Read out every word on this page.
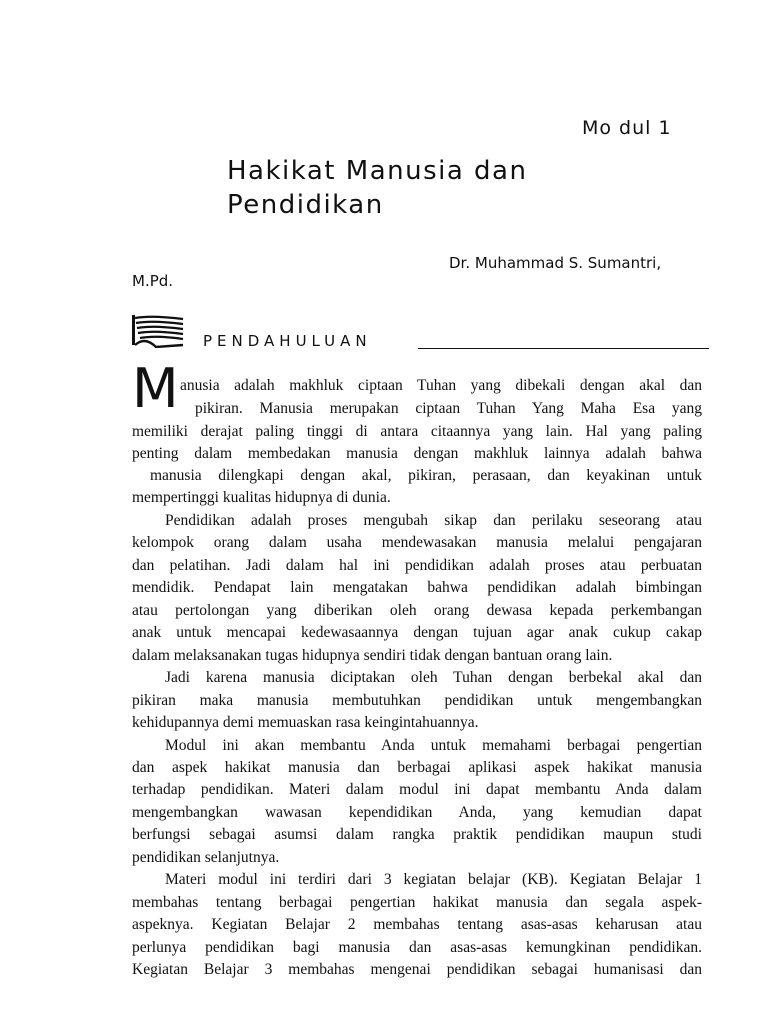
Mo dul 1
Hakikat Manusia dan
Pendidikan
Dr. Muhammad S. Sumantri,
M.Pd.
PENDAHULUAN
M anusia adalah makhluk ciptaan Tuhan yang dibekali dengan akal dan
pikiran. Manusia merupakan ciptaan Tuhan Yang Maha Esa yang
memiliki derajat paling tinggi di antara citaannya yang lain. Hal yang paling
penting dalam membedakan manusia dengan makhluk lainnya adalah bahwa
manusia dilengkapi dengan akal, pikiran, perasaan, dan keyakinan untuk
mempertinggi kualitas hidupnya di dunia.
Pendidikan adalah proses mengubah sikap dan perilaku seseorang atau
kelompok orang dalam usaha mendewasakan manusia melalui pengajaran
dan pelatihan. Jadi dalam hal ini pendidikan adalah proses atau perbuatan
mendidik. Pendapat lain mengatakan bahwa pendidikan adalah bimbingan
atau pertolongan yang diberikan oleh orang dewasa kepada perkembangan
anak untuk mencapai kedewasaannya dengan tujuan agar anak cukup cakap
dalam melaksanakan tugas hidupnya sendiri tidak dengan bantuan orang lain.
Jadi karena manusia diciptakan oleh Tuhan dengan berbekal akal dan
pikiran maka manusia membutuhkan pendidikan untuk mengembangkan
kehidupannya demi memuaskan rasa keingintahuannya.
Modul ini akan membantu Anda untuk memahami berbagai pengertian
dan aspek hakikat manusia dan berbagai aplikasi aspek hakikat manusia
terhadap pendidikan. Materi dalam modul ini dapat membantu Anda dalam
mengembangkan wawasan kependidikan Anda, yang kemudian dapat
berfungsi sebagai asumsi dalam rangka praktik pendidikan maupun studi
pendidikan selanjutnya.
Materi modul ini terdiri dari 3 kegiatan belajar (KB). Kegiatan Belajar 1
membahas tentang berbagai pengertian hakikat manusia dan segala aspek-
aspeknya. Kegiatan Belajar 2 membahas tentang asas-asas keharusan atau
perlunya pendidikan bagi manusia dan asas-asas kemungkinan pendidikan.
Kegiatan Belajar 3 membahas mengenai pendidikan sebagai humanisasi dan
